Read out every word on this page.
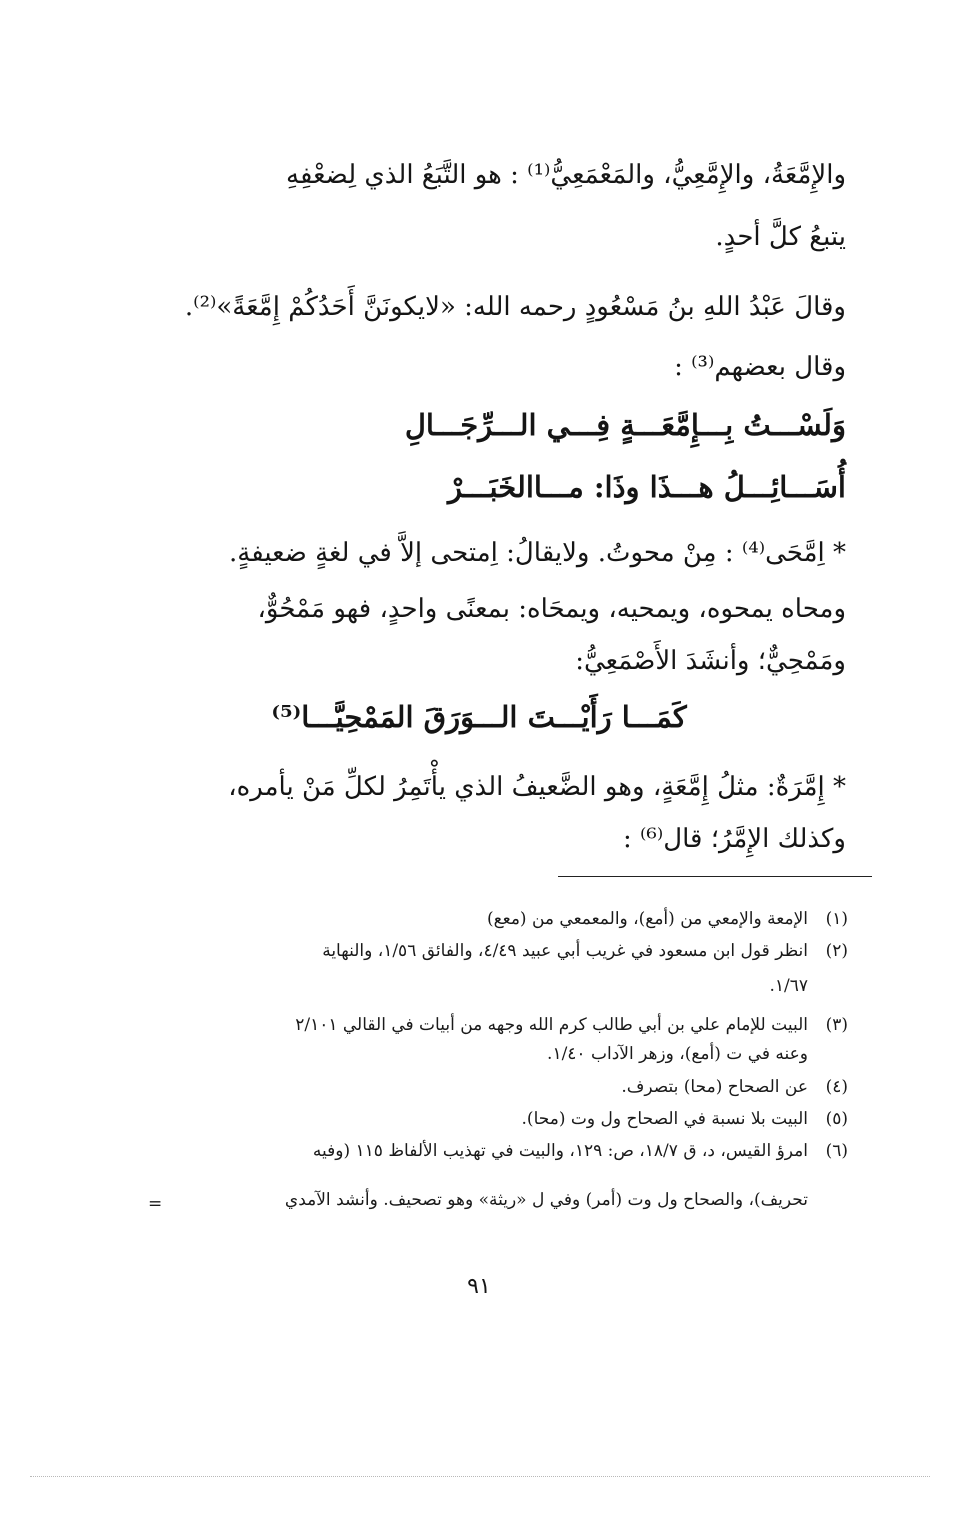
والإِمَّعَةُ، والإِمَّعِيُّ، والمَعْمَعِيُّ⁽¹⁾ : هو التَّبَعُ الذي لِضعْفِهِ
يتبعُ كلَّ أحدٍ.
وقالَ عَبْدُ اللهِ بنُ مَسْعُودٍ رحمه الله: «لايكونَنَّ أَحَدُكُمْ إِمَّعَةً»⁽²⁾.
وقال بعضهم⁽³⁾ :
وَلَسْـــتُ بِـــإِمَّعَـــةٍ فِـــي الـــرِّجَـــالِ
أُسَـــائِـــلُ هـــذَا وذَا: مـــاالخَبَـــرْ
* اِمَّحَى⁽⁴⁾ : مِنْ محوتُ. ولايقالُ: اِمتحى إلاَّ في لغةٍ ضعيفةٍ.
ومحاه يمحوه، ويمحيه، ويمحَاه: بمعنًى واحدٍ، فهو مَمْحُوٌّ،
ومَمْحِيٌّ؛ وأنشَدَ الأَصْمَعِيُّ:
كَمَـــا رَأَيْـــتَ الـــوَرَقَ المَمْحِيَّـــا⁽⁵⁾
* إِمَّرَةٌ: مثلُ إِمَّعَةٍ، وهو الضَّعيفُ الذي يأْتَمِرُ لكلِّ مَنْ يأمره،
وكذلك الإِمَّرُ؛ قال⁽⁶⁾ :
(١)
الإمعة والإمعي من (أمع)، والمعمعي من (معع)
(٢)
انظر قول ابن مسعود في غريب أبي عبيد ٤/٤٩، والفائق ١/٥٦، والنهاية
١/٦٧.
(٣)
البيت للإمام علي بن أبي طالب كرم الله وجهه من أبيات في القالي ٢/١٠١
وعنه في ت (أمع)، وزهر الآداب ١/٤٠.
(٤)
عن الصحاح (محا) بتصرف.
(٥)
البيت بلا نسبة في الصحاح ول وت (محا).
(٦)
امرؤ القيس، د، ق ١٨/٧، ص: ١٢٩، والبيت في تهذيب الألفاظ ١١٥ (وفيه
تحريف)، والصحاح ول وت (أمر) وفي ل «ريثة» وهو تصحيف. وأنشد الآمدي
=
٩١
